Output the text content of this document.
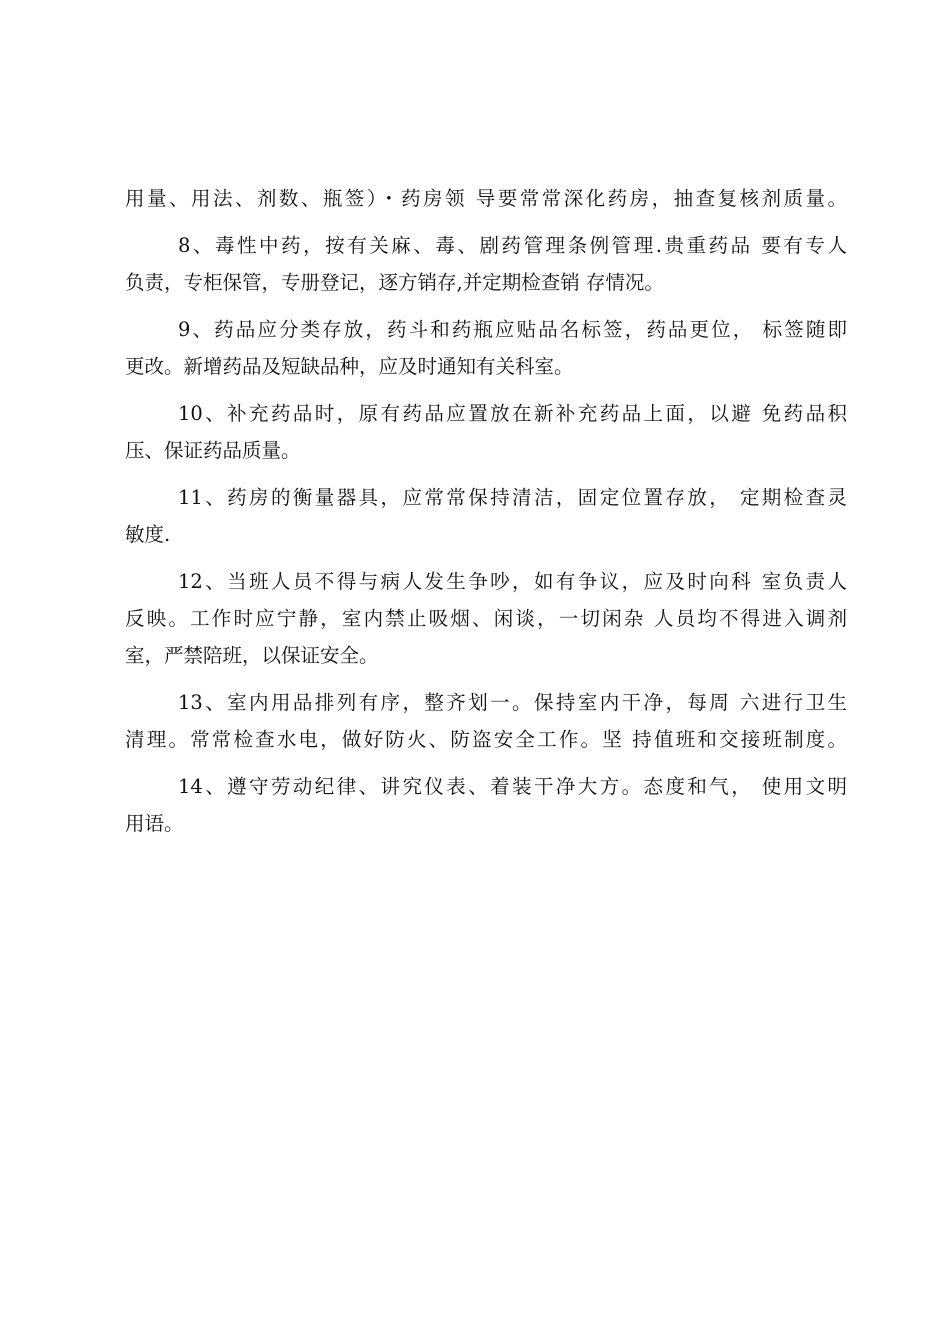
用量、用法、剂数、瓶签）・药房领 导要常常深化药房，抽查复核剂质量。
8、毒性中药，按有关麻、毒、剧药管理条例管理.贵重药品 要有专人
负责，专柜保管，专册登记，逐方销存,并定期检查销 存情况。
9、药品应分类存放，药斗和药瓶应贴品名标签，药品更位， 标签随即
更改。新增药品及短缺品种，应及时通知有关科室。
10、补充药品时，原有药品应置放在新补充药品上面，以避 免药品积
压、保证药品质量。
11、药房的衡量器具，应常常保持清洁，固定位置存放， 定期检查灵
敏度.
12、当班人员不得与病人发生争吵，如有争议，应及时向科 室负责人
反映。工作时应宁静，室内禁止吸烟、闲谈，一切闲杂 人员均不得进入调剂
室，严禁陪班，以保证安全。
13、室内用品排列有序，整齐划一。保持室内干净，每周 六进行卫生
清理。常常检查水电，做好防火、防盗安全工作。坚 持值班和交接班制度。
14、遵守劳动纪律、讲究仪表、着装干净大方。态度和气， 使用文明
用语。
